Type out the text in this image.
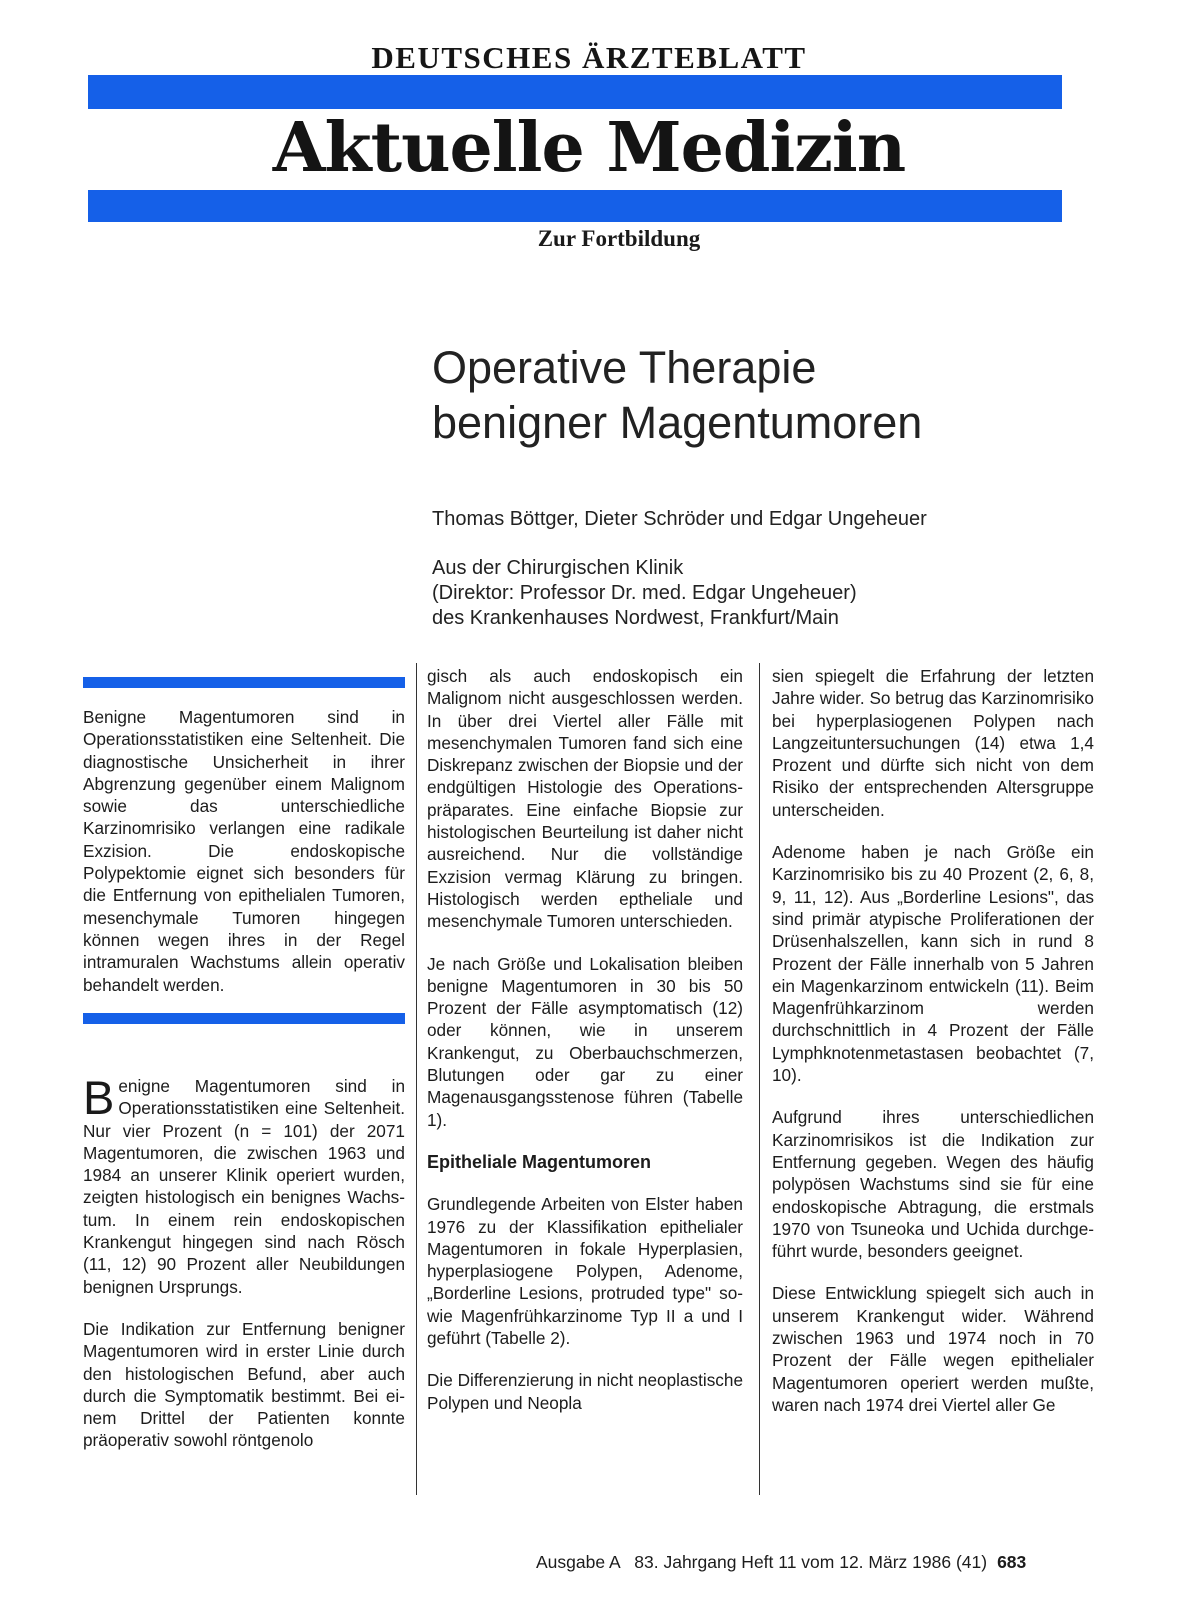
DEUTSCHES ÄRZTEBLATT
Aktuelle Medizin
Zur Fortbildung
Operative Therapie
benigner Magentumoren
Thomas Böttger, Dieter Schröder und Edgar Ungeheuer
Aus der Chirurgischen Klinik
(Direktor: Professor Dr. med. Edgar Ungeheuer)
des Krankenhauses Nordwest, Frankfurt/Main
Benigne Magentumoren sind in Operationsstatistiken eine Seltenheit. Die diagnostische Unsicherheit in ihrer Abgrenzung gegenüber einem Malignom sowie das unterschiedliche Karzinomrisiko verlangen eine radikale Exzision. Die endoskopische Polypektomie eignet sich besonders für die Entfernung von epithelialen Tumoren, mesenchymale Tumoren hingegen können wegen ihres in der Regel intramuralen Wachstums allein operativ behandelt werden.

Benigne Magentumoren sind in Operationsstatistiken eine Seltenheit. Nur vier Prozent (n = 101) der 2071 Magentumoren, die zwischen 1963 und 1984 an unserer Klinik operiert wurden, zeigten histologisch ein benignes Wachstum. In einem rein endoskopischen Krankengut hingegen sind nach Rösch (11, 12) 90 Prozent aller Neubildungen benignen Ursprungs.

Die Indikation zur Entfernung benigner Magentumoren wird in erster Linie durch den histologischen Befund, aber auch durch die Symptomatik bestimmt. Bei einem Drittel der Patienten konnte präoperativ sowohl röntgenolo

gisch als auch endoskopisch ein Malignom nicht ausgeschlossen werden. In über drei Viertel aller Fälle mit mesenchymalen Tumoren fand sich eine Diskrepanz zwischen der Biopsie und der endgültigen Histologie des Operationspräparates. Eine einfache Biopsie zur histologischen Beurteilung ist daher nicht ausreichend. Nur die vollständige Exzision vermag Klärung zu bringen. Histologisch werden eptheliale und mesenchymale Tumoren unterschieden.

Je nach Größe und Lokalisation bleiben benigne Magentumoren in 30 bis 50 Prozent der Fälle asymptomatisch (12) oder können, wie in unserem Krankengut, zu Oberbauchschmerzen, Blutungen oder gar zu einer Magenausgangsstenose führen (Tabelle 1).

Epitheliale Magentumoren

Grundlegende Arbeiten von Elster haben 1976 zu der Klassifikation epithelialer Magentumoren in fokale Hyperplasien, hyperplasiogene Polypen, Adenome, „Borderline Lesions, protruded type" sowie Magenfrühkarzinome Typ II a und I geführt (Tabelle 2).

Die Differenzierung in nicht neoplastische Polypen und Neopla

sien spiegelt die Erfahrung der letzten Jahre wider. So betrug das Karzinomrisiko bei hyperplasiogenen Polypen nach Langzeituntersuchungen (14) etwa 1,4 Prozent und dürfte sich nicht von dem Risiko der entsprechenden Altersgruppe unterscheiden.

Adenome haben je nach Größe ein Karzinomrisiko bis zu 40 Prozent (2, 6, 8, 9, 11, 12). Aus „Borderline Lesions", das sind primär atypische Proliferationen der Drüsenhalszellen, kann sich in rund 8 Prozent der Fälle innerhalb von 5 Jahren ein Magenkarzinom entwickeln (11). Beim Magenfrühkarzinom werden durchschnittlich in 4 Prozent der Fälle Lymphknotenmetastasen beobachtet (7, 10).

Aufgrund ihres unterschiedlichen Karzinomrisikos ist die Indikation zur Entfernung gegeben. Wegen des häufig polypösen Wachstums sind sie für eine endoskopische Abtragung, die erstmals 1970 von Tsuneoka und Uchida durchgeführt wurde, besonders geeignet.

Diese Entwicklung spiegelt sich auch in unserem Krankengut wider. Während zwischen 1963 und 1974 noch in 70 Prozent der Fälle wegen epithelialer Magentumoren operiert werden mußte, waren nach 1974 drei Viertel aller Ge

Ausgabe A   83. Jahrgang Heft 11 vom 12. März 1986 (41) 683
